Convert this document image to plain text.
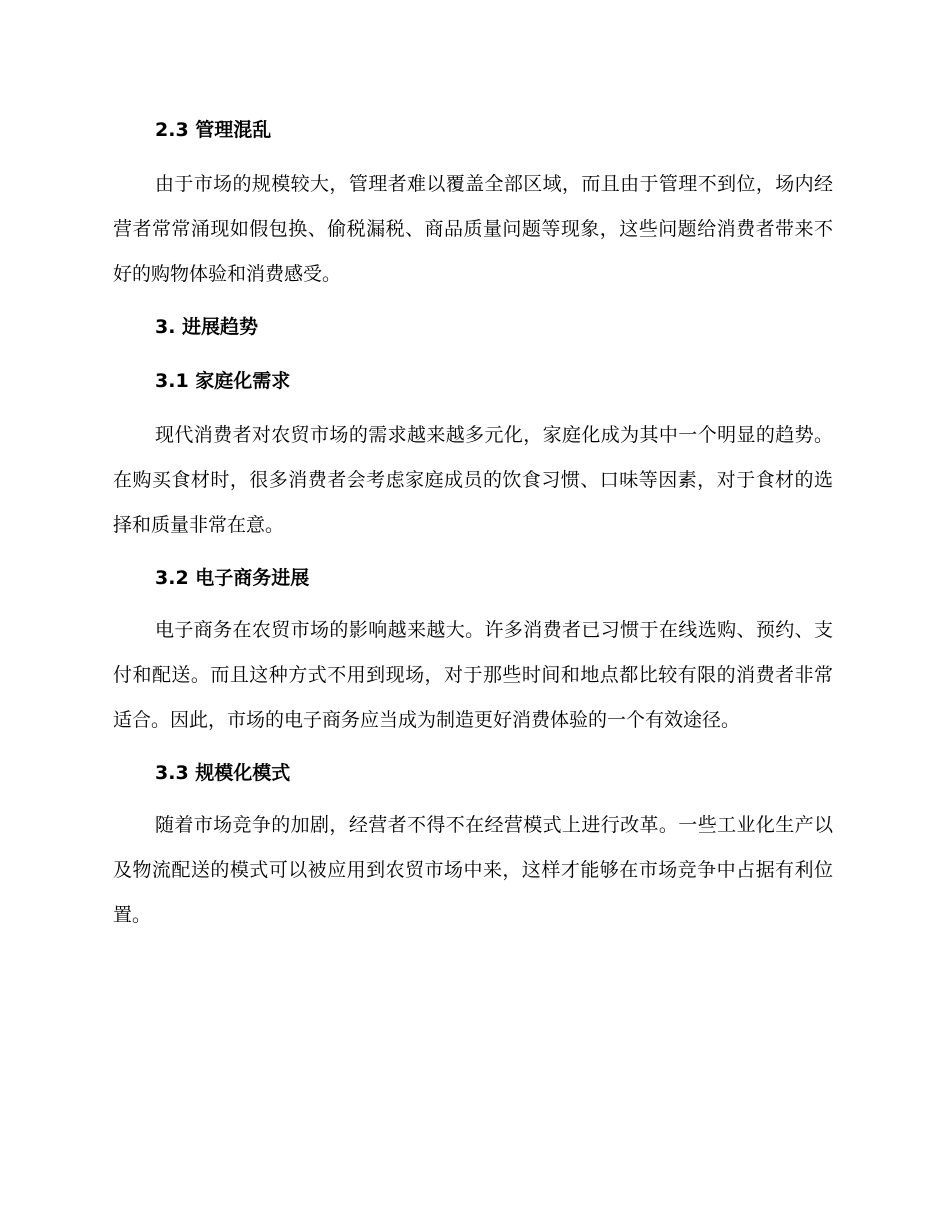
2.3 管理混乱

由于市场的规模较大，管理者难以覆盖全部区域，而且由于管理不到位，场内经营者常常涌现如假包换、偷税漏税、商品质量问题等现象，这些问题给消费者带来不好的购物体验和消费感受。

3. 进展趋势
3.1 家庭化需求

现代消费者对农贸市场的需求越来越多元化，家庭化成为其中一个明显的趋势。在购买食材时，很多消费者会考虑家庭成员的饮食习惯、口味等因素，对于食材的选择和质量非常在意。

3.2 电子商务进展

电子商务在农贸市场的影响越来越大。许多消费者已习惯于在线选购、预约、支付和配送。而且这种方式不用到现场，对于那些时间和地点都比较有限的消费者非常适合。因此，市场的电子商务应当成为制造更好消费体验的一个有效途径。

3.3 规模化模式

随着市场竞争的加剧，经营者不得不在经营模式上进行改革。一些工业化生产以及物流配送的模式可以被应用到农贸市场中来，这样才能够在市场竞争中占据有利位置。
